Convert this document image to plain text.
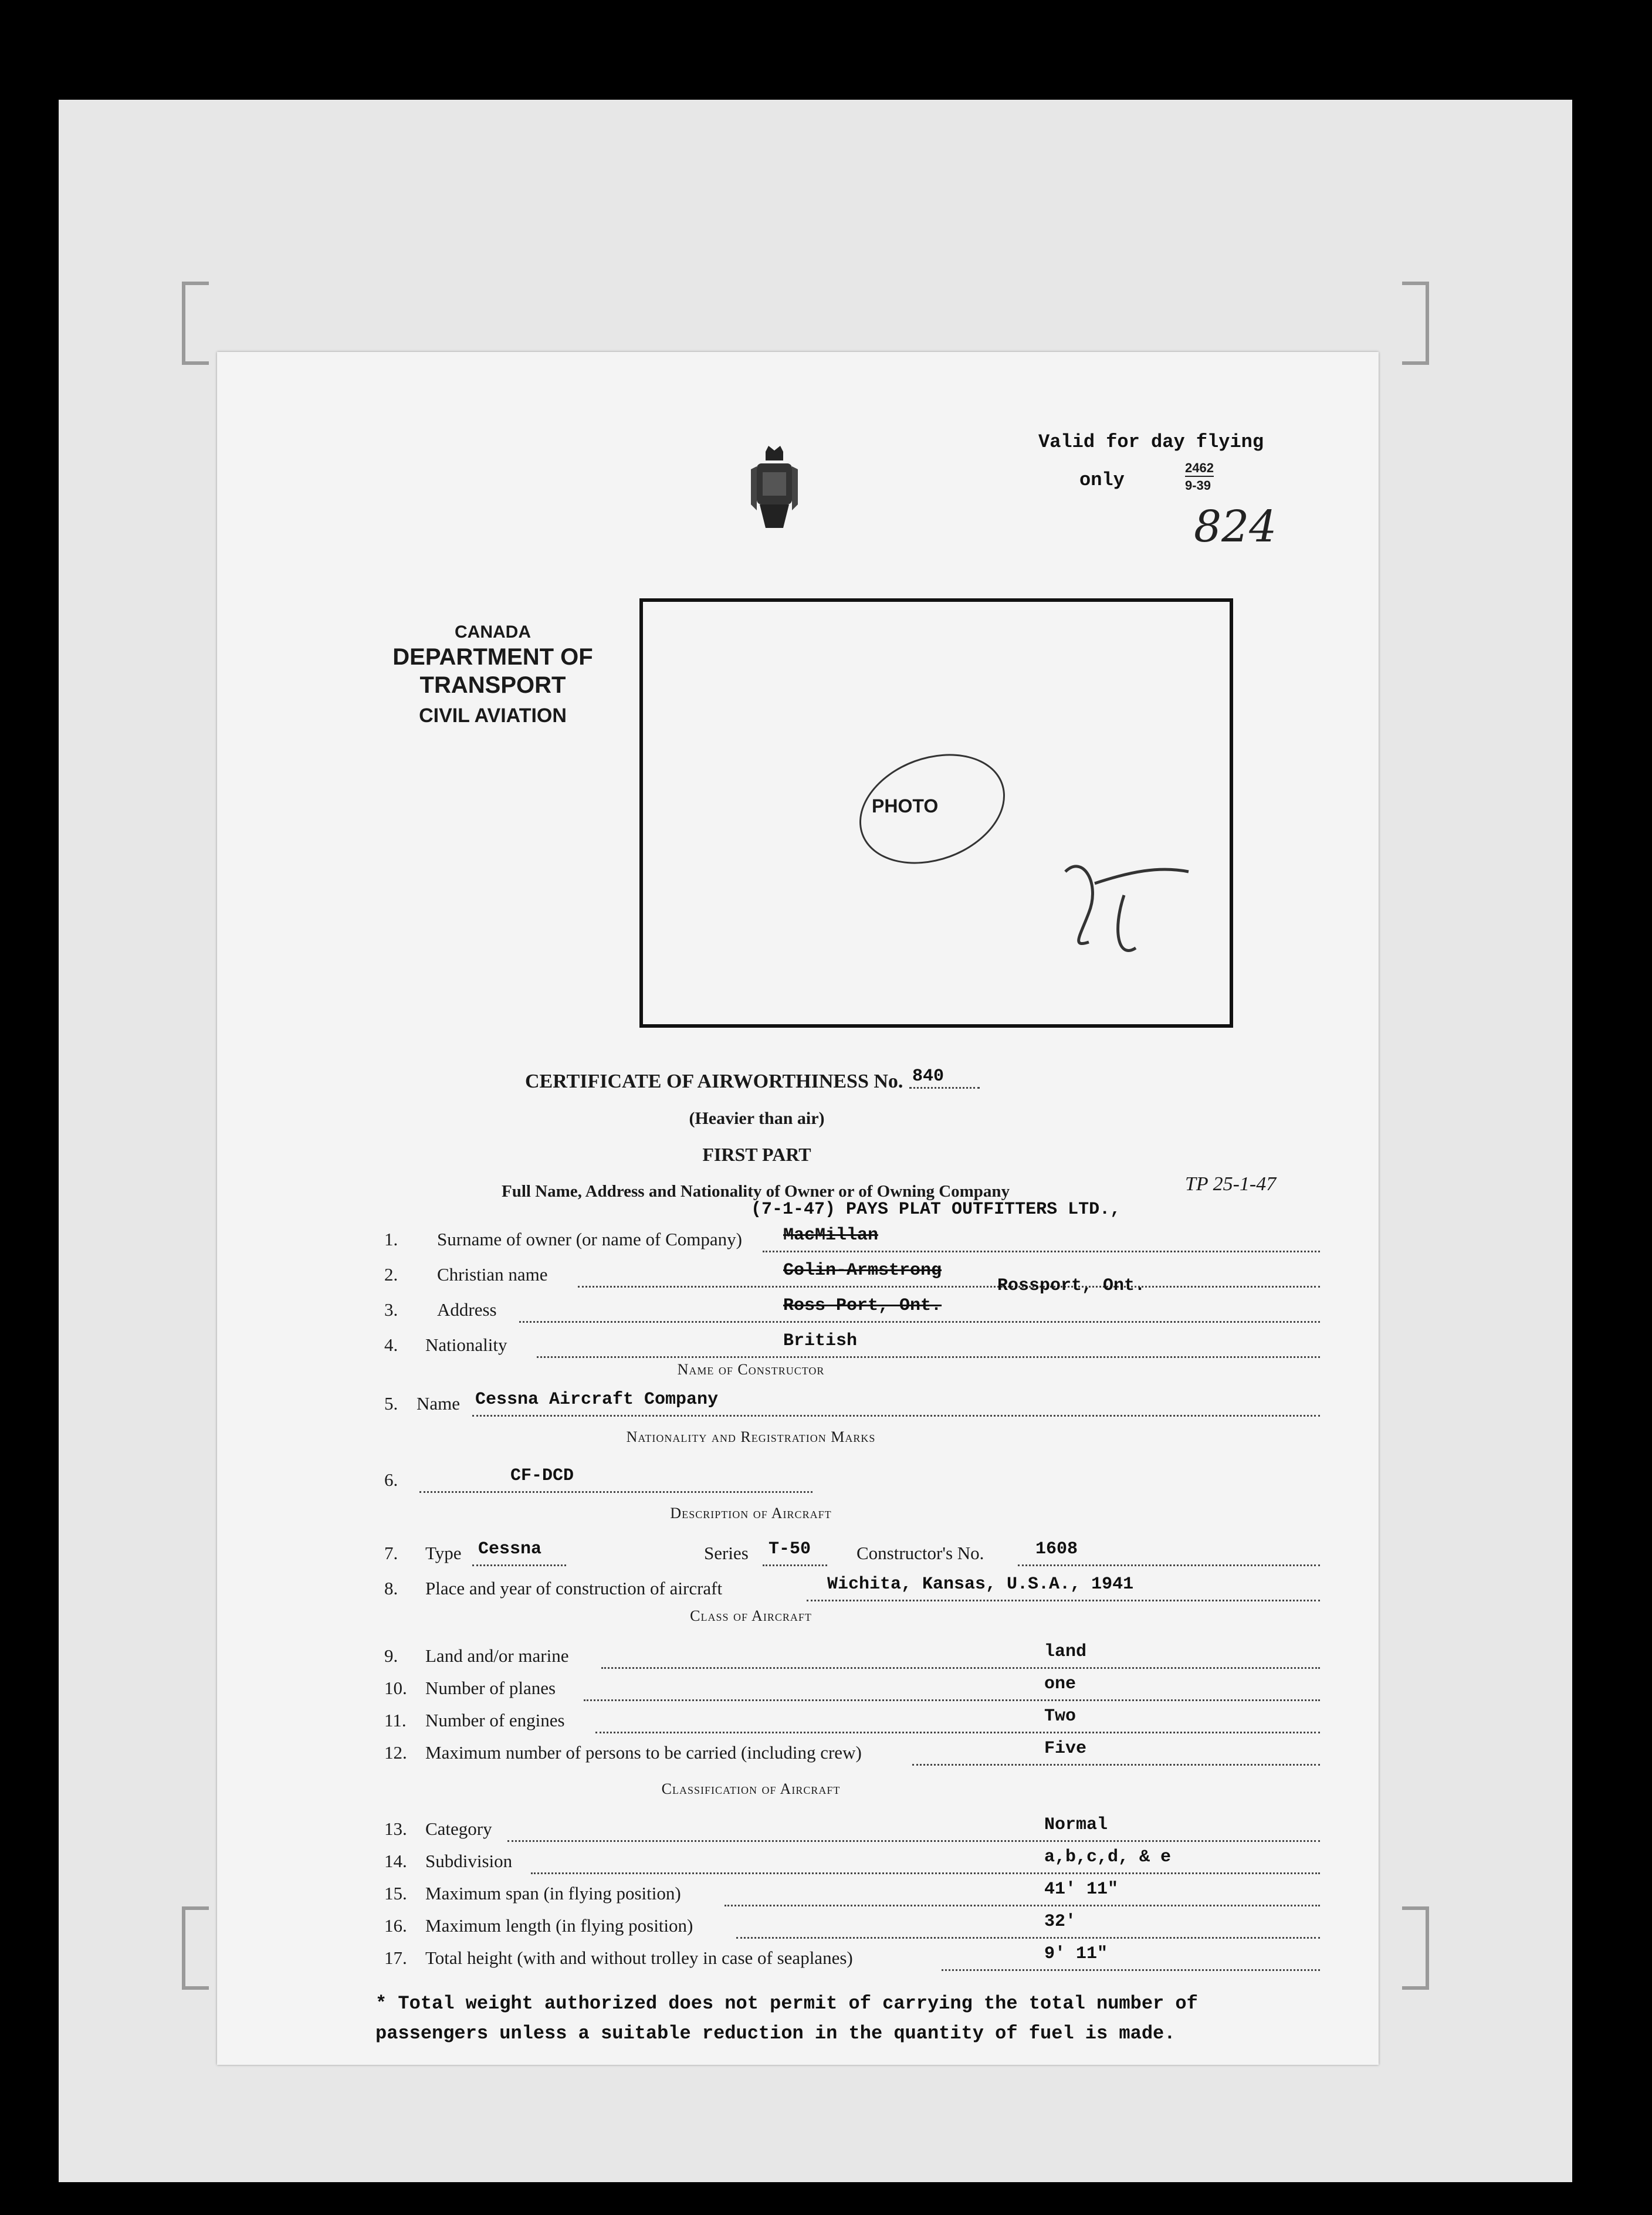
Valid for day flying
only
2462
9-39
824
CANADA
DEPARTMENT OF
TRANSPORT
CIVIL AVIATION
PHOTO
CERTIFICATE OF AIRWORTHINESS No. 840
(Heavier than air)
FIRST PART
Full Name, Address and Nationality of Owner or of Owning Company
(7-1-47) PAYS PLAT OUTFITTERS LTD.,
TP 25-1-47
1. Surname of owner (or name of Company) MacMillan
2. Christian name	Colin-Armstrong
3. Address	Ross Port, Ont.
Rossport, Ont.
4. Nationality	British
Name of Constructor
5. Name Cessna Aircraft Company
Nationality and Registration Marks
6.	CF-DCD
Description of Aircraft
7. Type Cessna	Series T-50	Constructor's No.	1608
8. Place and year of construction of aircraft	Wichita, Kansas, U.S.A., 1941
Class of Aircraft
9. Land and/or marine	land
10. Number of planes	one
11. Number of engines	Two
12. Maximum number of persons to be carried (including crew)	Five
Classification of Aircraft
13. Category	Normal
14. Subdivision	a,b,c,d, & e
15. Maximum span (in flying position)	41' 11"
16. Maximum length (in flying position)	32'
17. Total height (with and without trolley in case of seaplanes)	9' 11"
* Total weight authorized does not permit of carrying the total number of
passengers unless a suitable reduction in the quantity of fuel is made.
